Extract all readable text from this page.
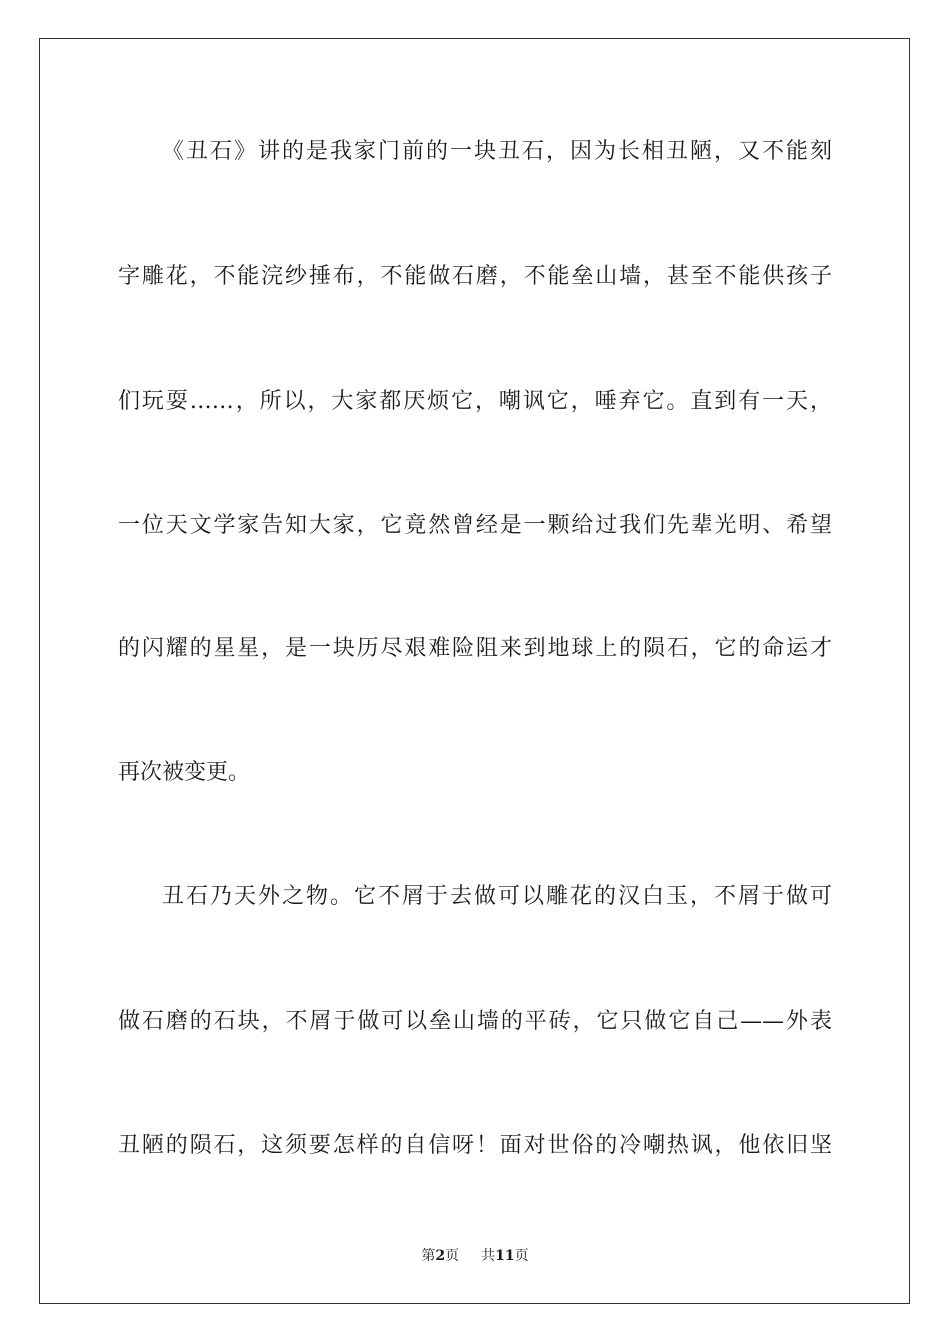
《丑石》讲的是我家门前的一块丑石，因为长相丑陋，又不能刻
字雕花，不能浣纱捶布，不能做石磨，不能垒山墙，甚至不能供孩子
们玩耍……，所以，大家都厌烦它，嘲讽它，唾弃它。直到有一天，
一位天文学家告知大家，它竟然曾经是一颗给过我们先辈光明、希望
的闪耀的星星，是一块历尽艰难险阻来到地球上的陨石，它的命运才
再次被变更。
丑石乃天外之物。它不屑于去做可以雕花的汉白玉，不屑于做可
做石磨的石块，不屑于做可以垒山墙的平砖，它只做它自己——外表
丑陋的陨石，这须要怎样的自信呀！面对世俗的冷嘲热讽，他依旧坚
第2页 共11页
